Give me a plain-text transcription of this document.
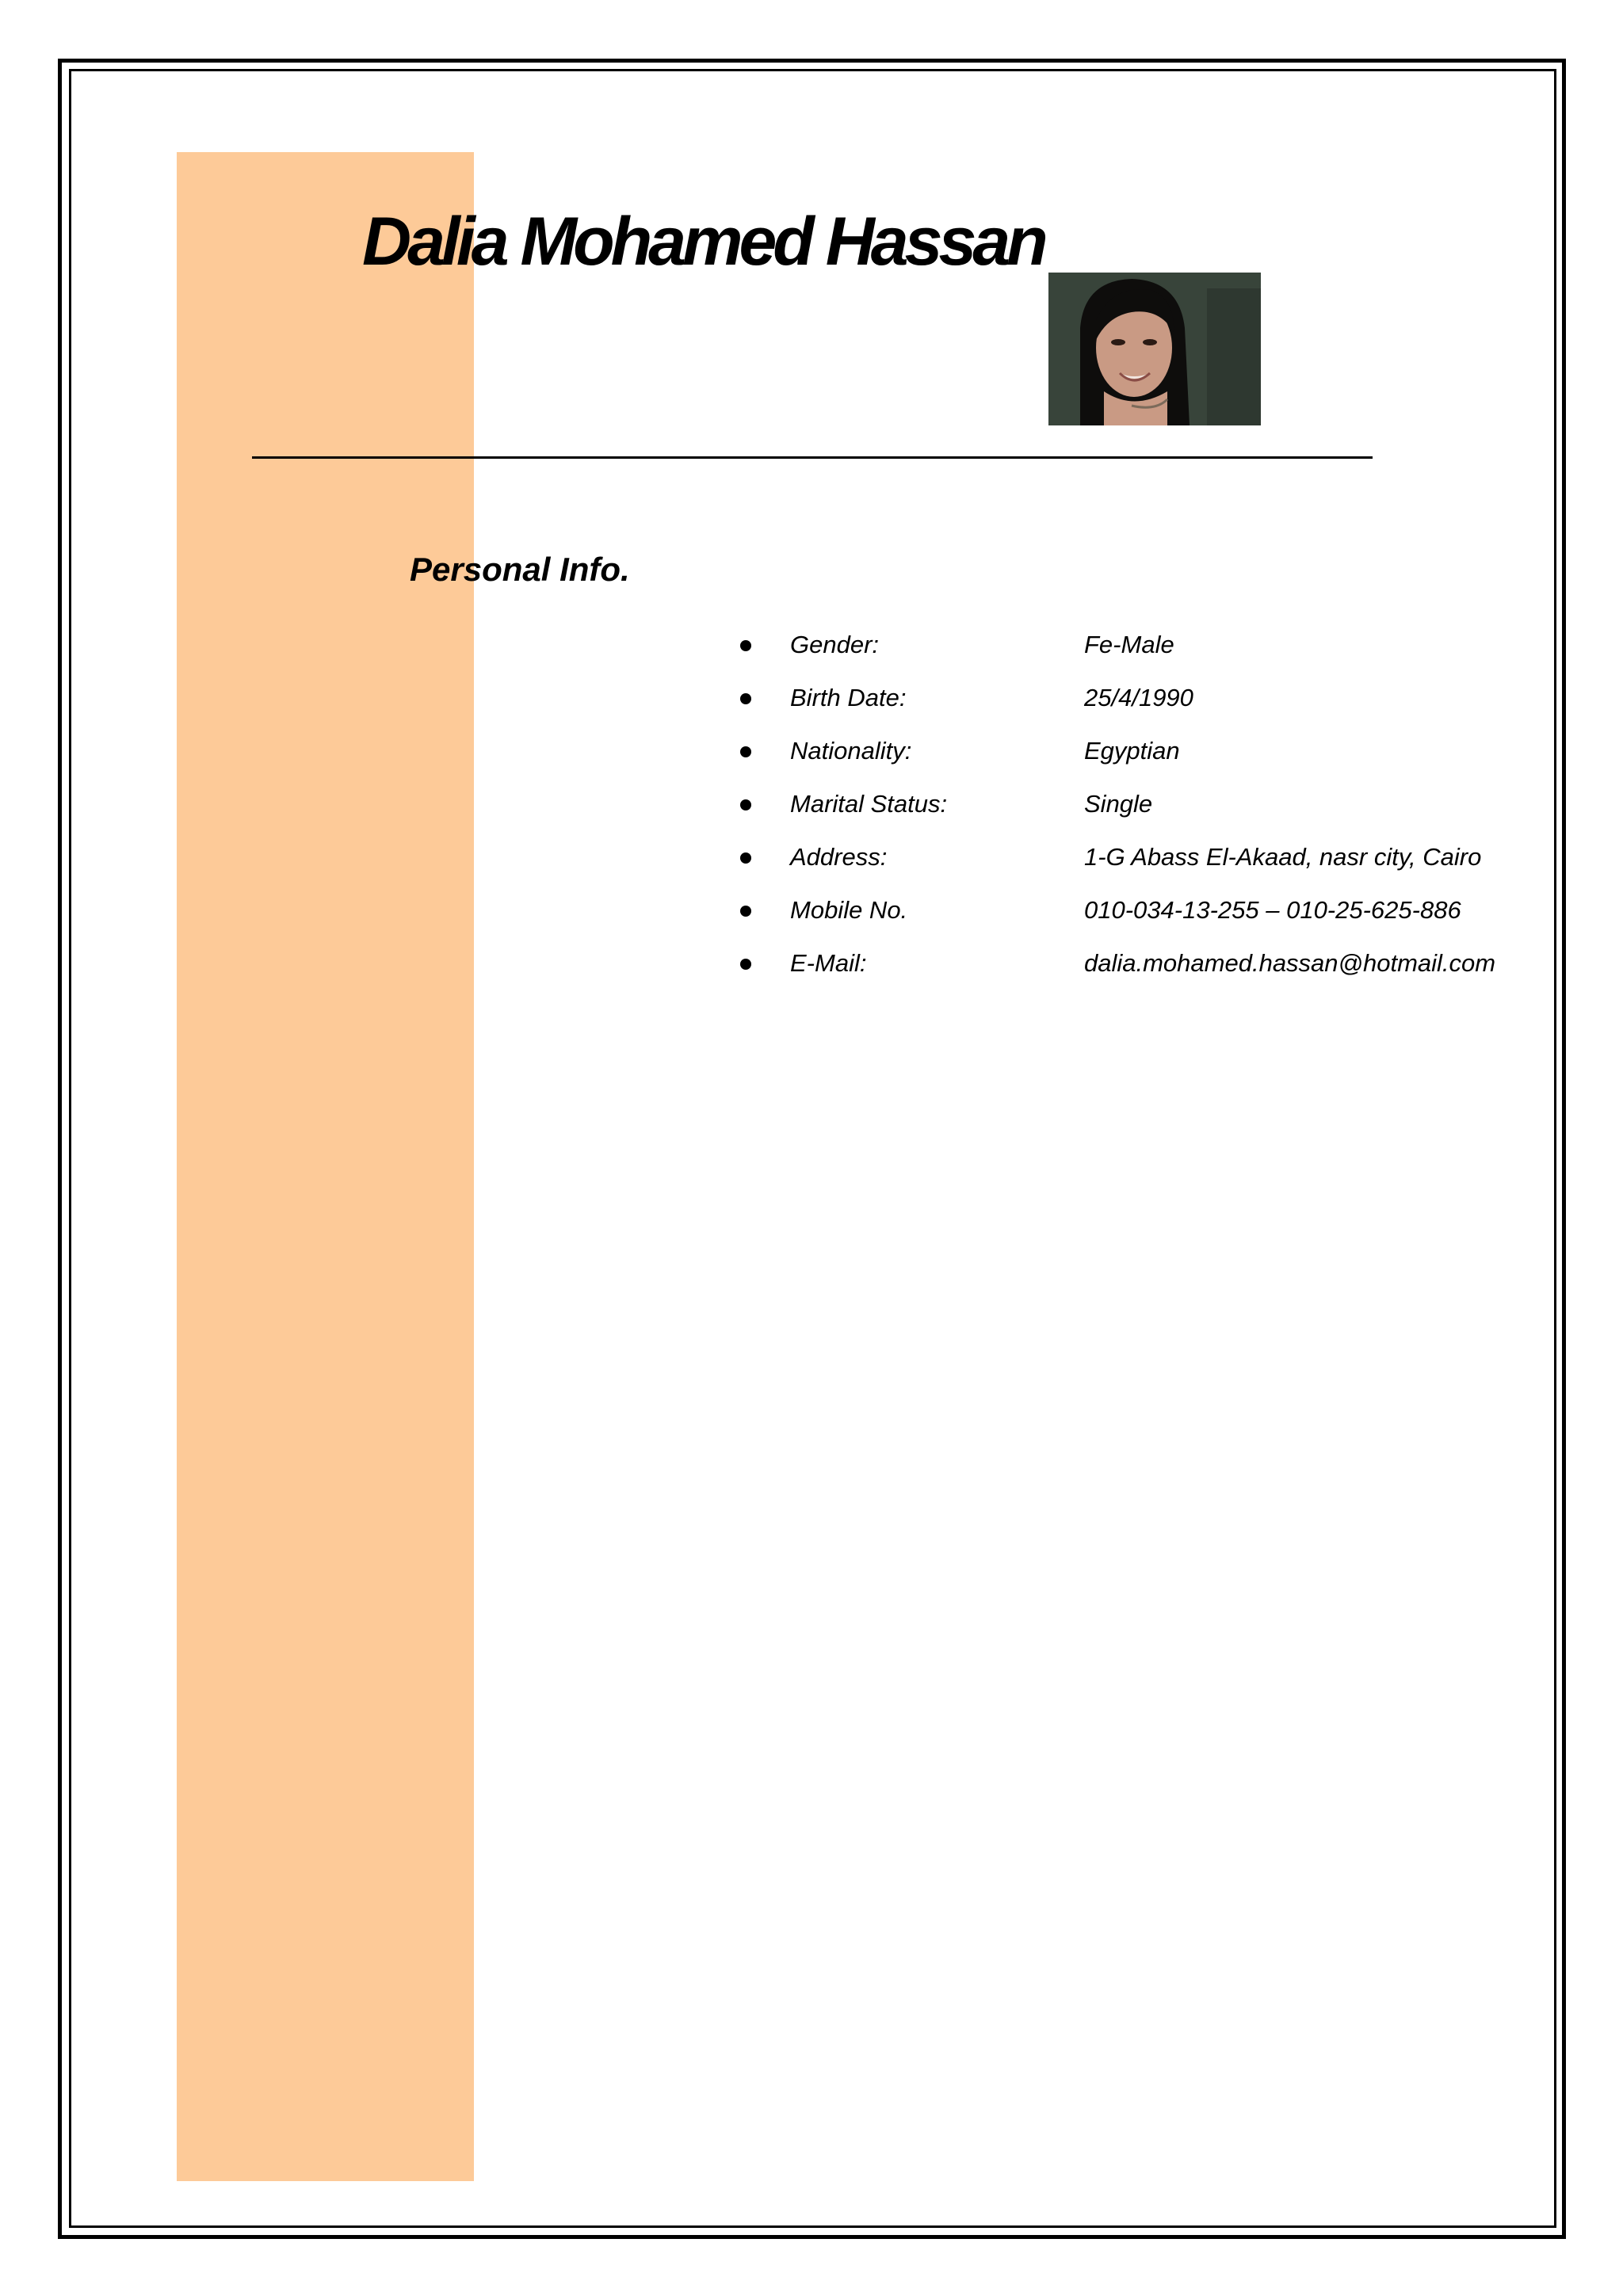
Dalia Mohamed Hassan
Personal Info.
Gender:	Fe-Male
Birth Date:	25/4/1990
Nationality:	Egyptian
Marital Status:	Single
Address:	1-G Abass El-Akaad, nasr city, Cairo
Mobile No.	010-034-13-255 – 010-25-625-886
E-Mail:	dalia.mohamed.hassan@hotmail.com
